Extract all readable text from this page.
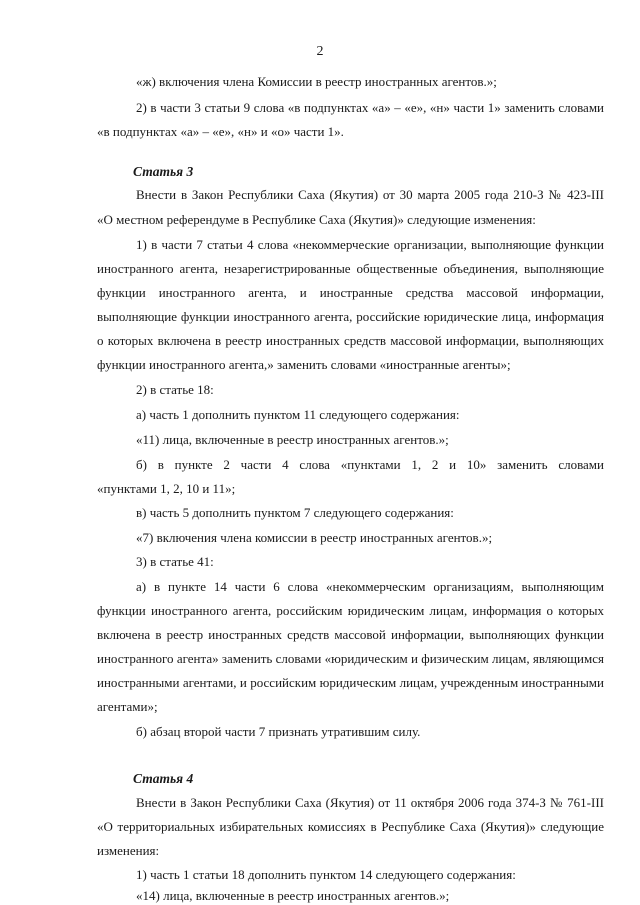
2
«ж) включения члена Комиссии в реестр иностранных агентов.»;
2) в части 3 статьи 9 слова «в подпунктах «а» – «е», «н» части 1» заменить словами
«в подпунктах «а» – «е», «н» и «о» части 1».
Статья 3
Внести в Закон Республики Саха (Якутия) от 30 марта 2005 года 210-З № 423-III
«О местном референдуме в Республике Саха (Якутия)» следующие изменения:
1) в части 7 статьи 4 слова «некоммерческие организации, выполняющие функции
иностранного агента, незарегистрированные общественные объединения, выполняющие
функции иностранного агента, и иностранные средства массовой информации,
выполняющие функции иностранного агента, российские юридические лица, информация
о которых включена в реестр иностранных средств массовой информации, выполняющих
функции иностранного агента,» заменить словами «иностранные агенты»;
2) в статье 18:
а) часть 1 дополнить пунктом 11 следующего содержания:
«11) лица, включенные в реестр иностранных агентов.»;
б) в пункте 2 части 4 слова «пунктами 1, 2 и 10» заменить словами
«пунктами 1, 2, 10 и 11»;
в) часть 5 дополнить пунктом 7 следующего содержания:
«7) включения члена комиссии в реестр иностранных агентов.»;
3) в статье 41:
а) в пункте 14 части 6 слова «некоммерческим организациям, выполняющим
функции иностранного агента, российским юридическим лицам, информация о которых
включена в реестр иностранных средств массовой информации, выполняющих функции
иностранного агента» заменить словами «юридическим и физическим лицам, являющимся
иностранными агентами, и российским юридическим лицам, учрежденным иностранными
агентами»;
б) абзац второй части 7 признать утратившим силу.
Статья 4
Внести в Закон Республики Саха (Якутия) от 11 октября 2006 года 374-З № 761-III
«О территориальных избирательных комиссиях в Республике Саха (Якутия)» следующие
изменения:
1) часть 1 статьи 18 дополнить пунктом 14 следующего содержания:
«14) лица, включенные в реестр иностранных агентов.»;
